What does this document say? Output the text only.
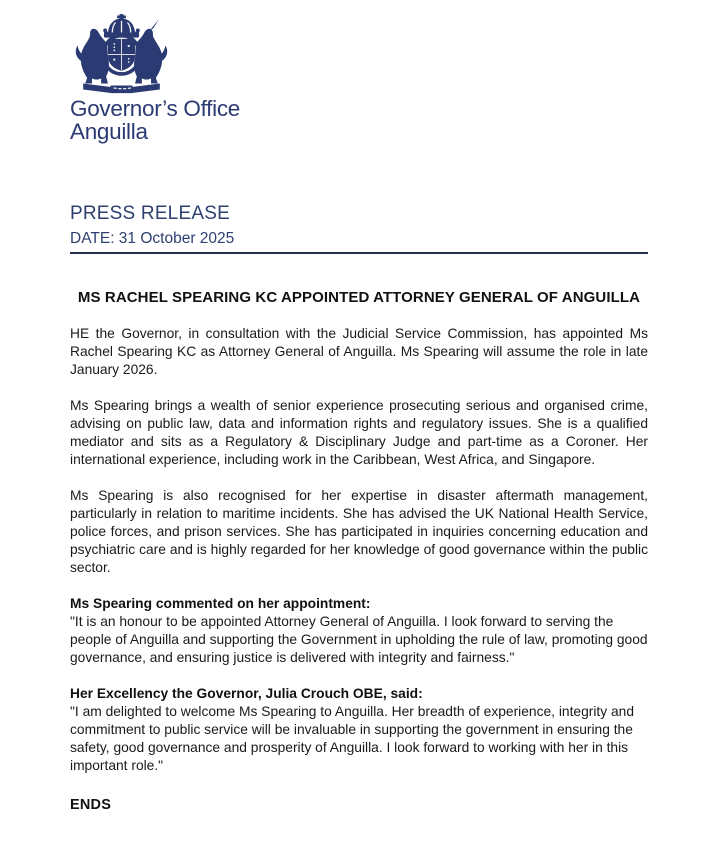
Governor’s Office
Anguilla
PRESS RELEASE
DATE: 31 October 2025
MS RACHEL SPEARING KC APPOINTED ATTORNEY GENERAL OF ANGUILLA

HE the Governor, in consultation with the Judicial Service Commission, has appointed Ms Rachel Spearing KC as Attorney General of Anguilla. Ms Spearing will assume the role in late January 2026.

Ms Spearing brings a wealth of senior experience prosecuting serious and organised crime, advising on public law, data and information rights and regulatory issues. She is a qualified mediator and sits as a Regulatory & Disciplinary Judge and part-time as a Coroner. Her international experience, including work in the Caribbean, West Africa, and Singapore.

Ms Spearing is also recognised for her expertise in disaster aftermath management, particularly in relation to maritime incidents. She has advised the UK National Health Service, police forces, and prison services. She has participated in inquiries concerning education and psychiatric care and is highly regarded for her knowledge of good governance within the public sector.

Ms Spearing commented on her appointment:
"It is an honour to be appointed Attorney General of Anguilla. I look forward to serving the people of Anguilla and supporting the Government in upholding the rule of law, promoting good governance, and ensuring justice is delivered with integrity and fairness."
Her Excellency the Governor, Julia Crouch OBE, said:
"I am delighted to welcome Ms Spearing to Anguilla. Her breadth of experience, integrity and commitment to public service will be invaluable in supporting the government in ensuring the safety, good governance and prosperity of Anguilla. I look forward to working with her in this important role."
ENDS
